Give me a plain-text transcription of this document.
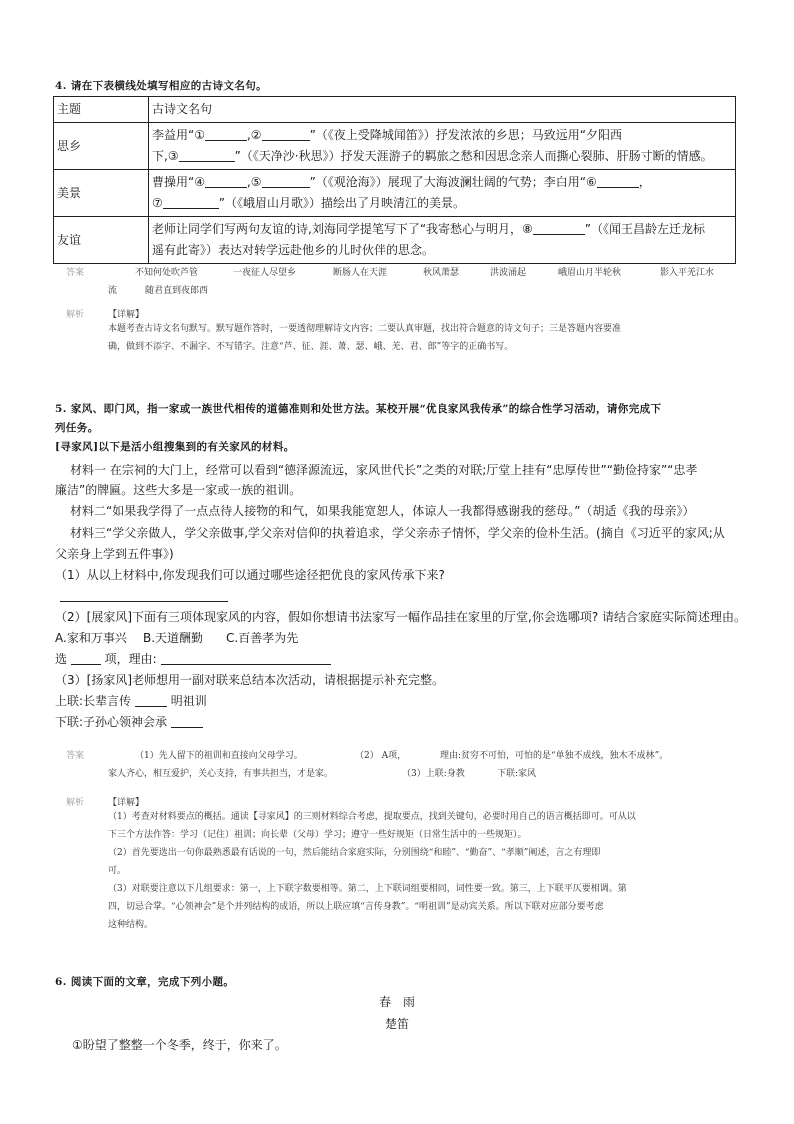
4. 请在下表横线处填写相应的古诗文名句。
主题	古诗文名句
思乡	李益用“① ,② ”（《夜上受降城闻笛》）抒发浓浓的乡思；马致远用“夕阳西
下,③ ”（《天净沙·秋思》）抒发天涯游子的羁旅之愁和因思念亲人而撕心裂肺、肝肠寸断的情感。

美景	曹操用“④ ,⑤ ”（《观沧海》）展现了大海波澜壮阔的气势；李白用“⑥ ，
⑦ ”（《峨眉山月歌》）描绘出了月映清江的美景。

友谊	老师让同学们写两句友谊的诗,刘海同学提笔写下了“我寄愁心与明月，⑧ ”（《闻王昌龄左迁龙标
遥有此寄》）表达对转学远赴他乡的儿时伙伴的思念。
答案	不知何处吹芦管	一夜征人尽望乡	断肠人在天涯	秋风萧瑟	洪波涌起	峨眉山月半轮秋	影入平羌江水
流	随君直到夜郎西
解析	【详解】
本题考查古诗文名句默写。默写题作答时，一要透彻理解诗文内容；二要认真审题，找出符合题意的诗文句子；三是答题内容要准
确，做到不添字、不漏字、不写错字。注意“芦、征、涯、萧、瑟、峨、羌、君、郎”等字的正确书写。
5. 家风、即门风，指一家或一族世代相传的道德准则和处世方法。某校开展“优良家风我传承”的综合性学习活动，请你完成下
列任务。
[寻家风]以下是活小组搜集到的有关家风的材料。
材料一 在宗祠的大门上，经常可以看到“德泽源流远，家风世代长”之类的对联;厅堂上挂有“忠厚传世”“勤俭持家”“忠孝
廉洁”的牌匾。这些大多是一家或一族的祖训。
材料二“如果我学得了一点点待人接物的和气，如果我能宽恕人，体谅人一我都得感谢我的慈母。”（胡适《我的母亲》）
材料三“学父亲做人，学父亲做事,学父亲对信仰的执着追求，学父亲赤子情怀，学父亲的俭朴生活。(摘自《习近平的家风;从
父亲身上学到五件事》)
（1）从以上材料中,你发现我们可以通过哪些途径把优良的家风传承下来?
（2）[展家风]下面有三项体现家风的内容，假如你想请书法家写一幅作品挂在家里的厅堂,你会选哪项? 请结合家庭实际简述理由。
A.家和万事兴 B.天道酬勤 C.百善孝为先
选	项，理由:
（3）[扬家风]老师想用一副对联来总结本次活动，请根据提示补充完整。
上联:长辈言传	明祖训
下联:子孙心领神会承
答案	（1）先人留下的祖训和直接向父母学习。	（2） A项，	理由:贫穷不可怕，可怕的是“单独不成线，独木不成林”。
家人齐心，相互爱护，关心支持，有事共担当，才是家。	（3）上联:身教	下联:家风
解析	【详解】
（1）考查对材料要点的概括。通读【寻家风】的三则材料综合考虑，提取要点，找到关键句，必要时用自己的语言概括即可。可从以
下三个方法作答：学习（记住）祖训；向长辈（父母）学习；遵守一些好规矩（日常生活中的一些规矩）。
（2）首先要选出一句你最熟悉最有话说的一句，然后能结合家庭实际，分别围绕“和睦”、“勤奋”、“孝顺”阐述，言之有理即
可。
（3）对联要注意以下几组要求：第一，上下联字数要相等。第二，上下联词组要相同，词性要一致。第三，上下联平仄要相调。第
四，切忌合掌。“心领神会”是个并列结构的成语，所以上联应填“言传身教”。“明祖训”是动宾关系。所以下联对应部分要考虑
这种结构。
6. 阅读下面的文章，完成下列小题。
春　雨
楚笛
①盼望了整整一个冬季，终于，你来了。
